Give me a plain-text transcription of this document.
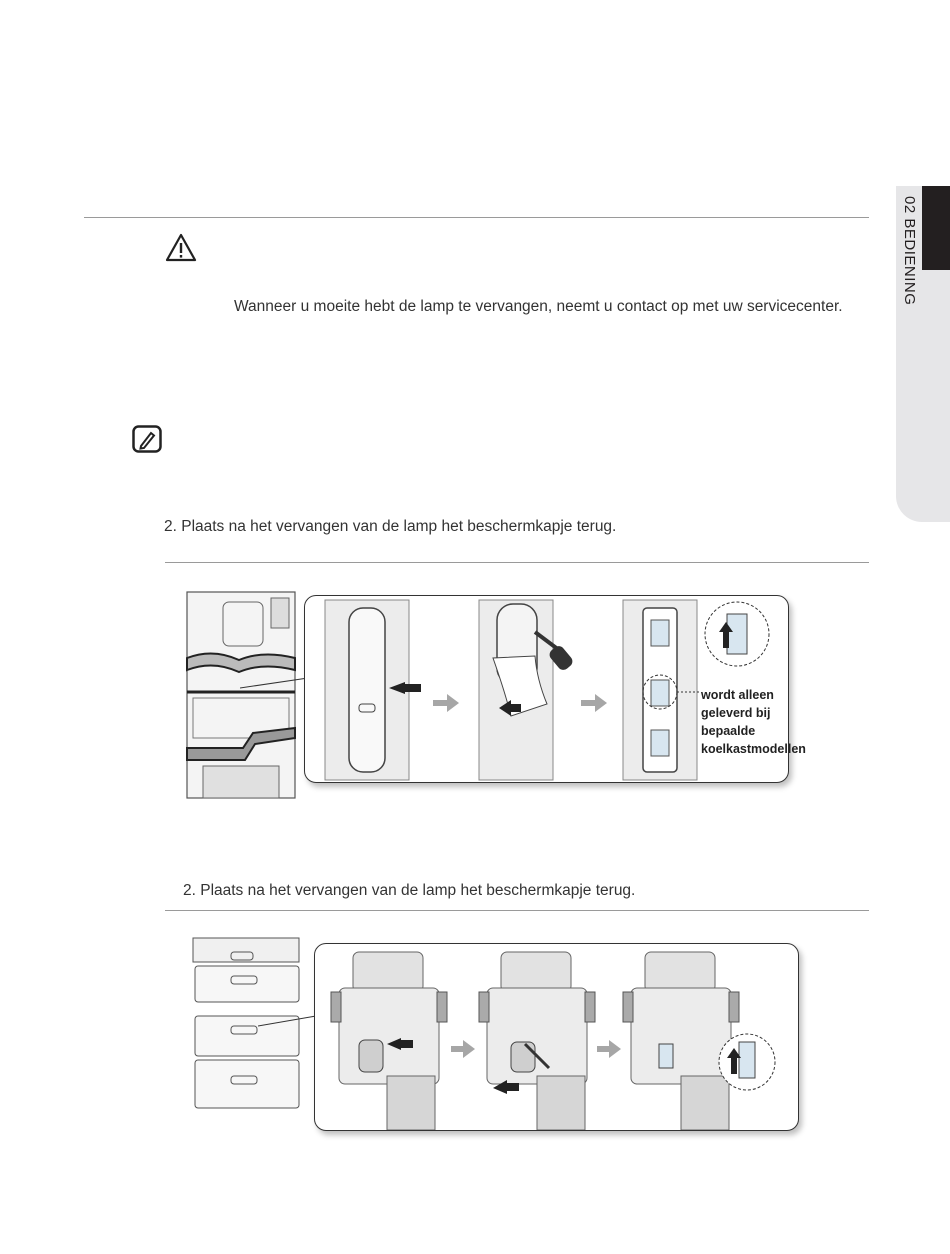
02 BEDIENING
Wanneer u moeite hebt de lamp te vervangen, neemt u contact op met uw servicecenter.
2. Plaats na het vervangen van de lamp het beschermkapje terug.
wordt alleen
geleverd bij
bepaalde
koelkastmodellen
2. Plaats na het vervangen van de lamp het beschermkapje terug.
